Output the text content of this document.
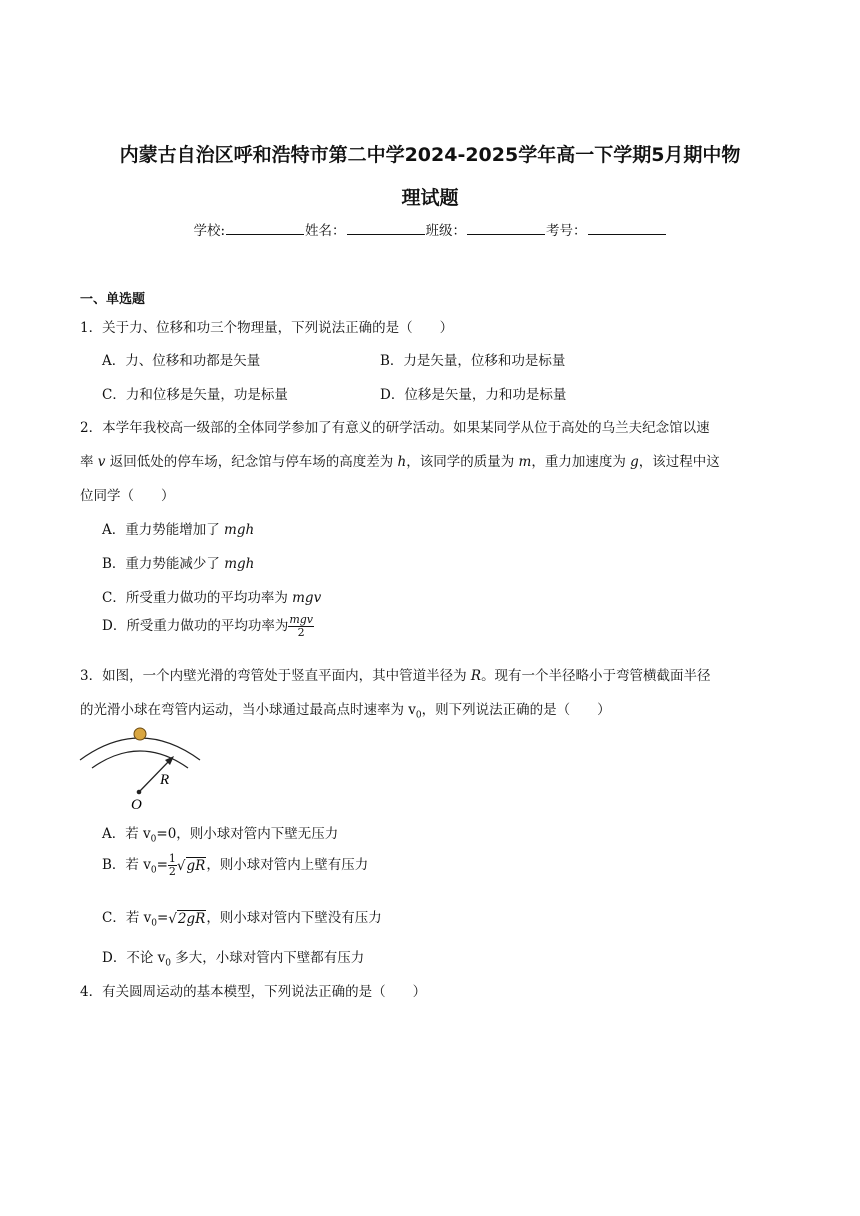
内蒙古自治区呼和浩特市第二中学2024-2025学年高一下学期5月期中物
理试题
学校:	姓名：	班级：	考号：
一、单选题
1．关于力、位移和功三个物理量，下列说法正确的是（　　）
A．力、位移和功都是矢量	B．力是矢量，位移和功是标量
C．力和位移是矢量，功是标量	D．位移是矢量，力和功是标量
2．本学年我校高一级部的全体同学参加了有意义的研学活动。如果某同学从位于高处的乌兰夫纪念馆以速
率 v 返回低处的停车场，纪念馆与停车场的高度差为 h，该同学的质量为 m，重力加速度为 g，该过程中这
位同学（　　）
A．重力势能增加了 mgh
B．重力势能减少了 mgh
C．所受重力做功的平均功率为 mgv
D．所受重力做功的平均功率为 $\frac{\text{mgv}}{2}$
3．如图，一个内壁光滑的弯管处于竖直平面内，其中管道半径为 R。现有一个半径略小于弯管横截面半径
的光滑小球在弯管内运动，当小球通过最高点时速率为 $v_0$，则下列说法正确的是（　　）
R
O
A．若 $v_0=0$，则小球对管内下壁无压力
B．若 $v_0= \frac{1}{2} √gR$，则小球对管内上壁有压力
C．若 $v_0=√2gR$，则小球对管内下壁没有压力
D．不论 $v_0$ 多大，小球对管内下壁都有压力
4．有关圆周运动的基本模型，下列说法正确的是（　　）
